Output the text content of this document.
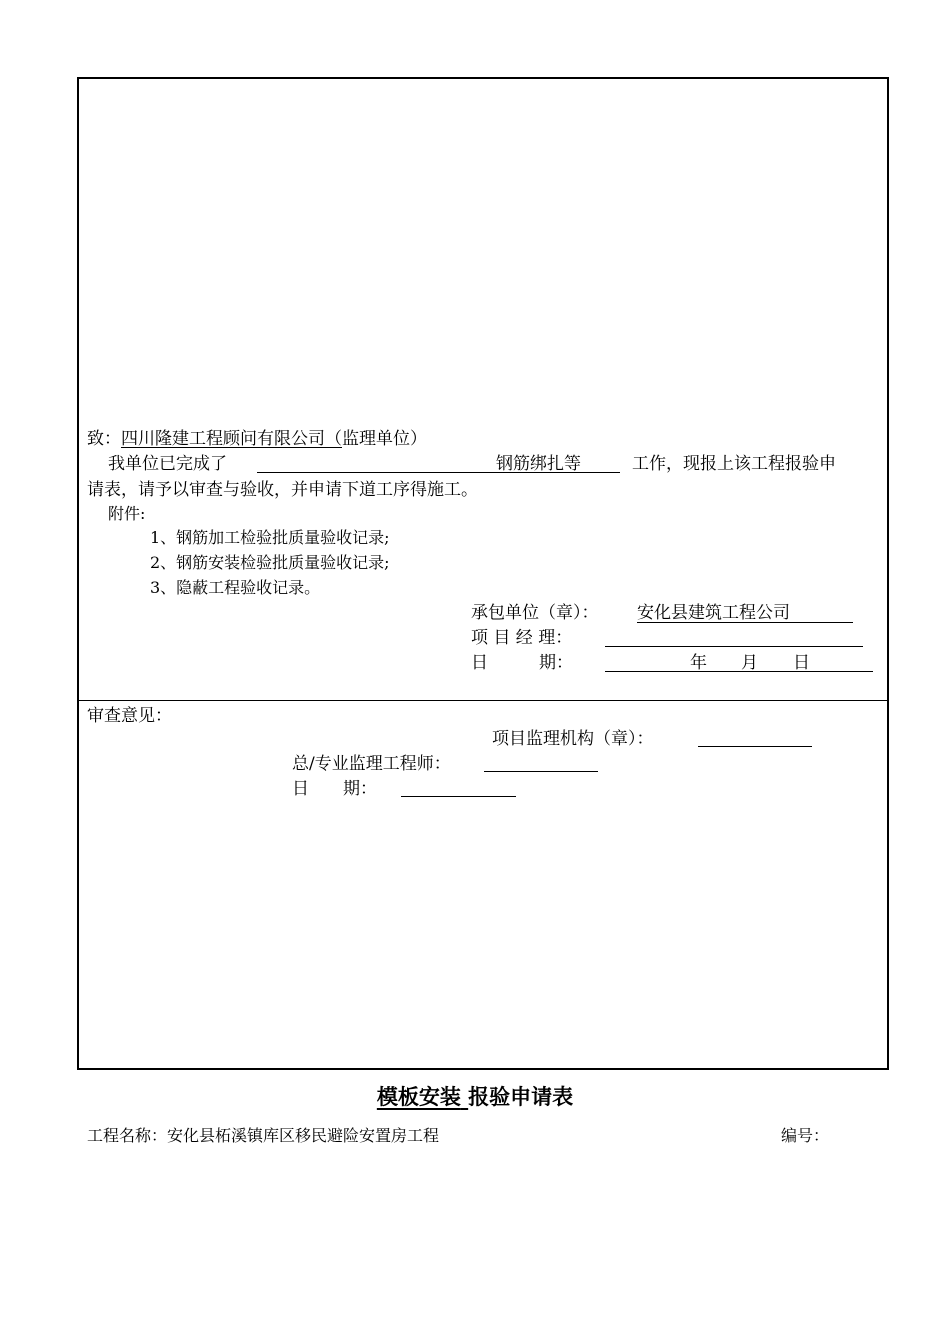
致：四川隆建工程顾问有限公司（监理单位）
我单位已完成了	钢筋绑扎等	工作，现报上该工程报验申
请表，请予以审查与验收，并申请下道工序得施工。
附件:
1、钢筋加工检验批质量验收记录;
2、钢筋安装检验批质量验收记录;
3、隐蔽工程验收记录。
承包单位（章）： 安化县建筑工程公司
项 目 经 理：
日　　　期：	年 月 日
审查意见：
项目监理机构（章）：
总/专业监理工程师：
日　　期：
模板安装 报验申请表
工程名称：安化县柘溪镇库区移民避险安置房工程	编号：
